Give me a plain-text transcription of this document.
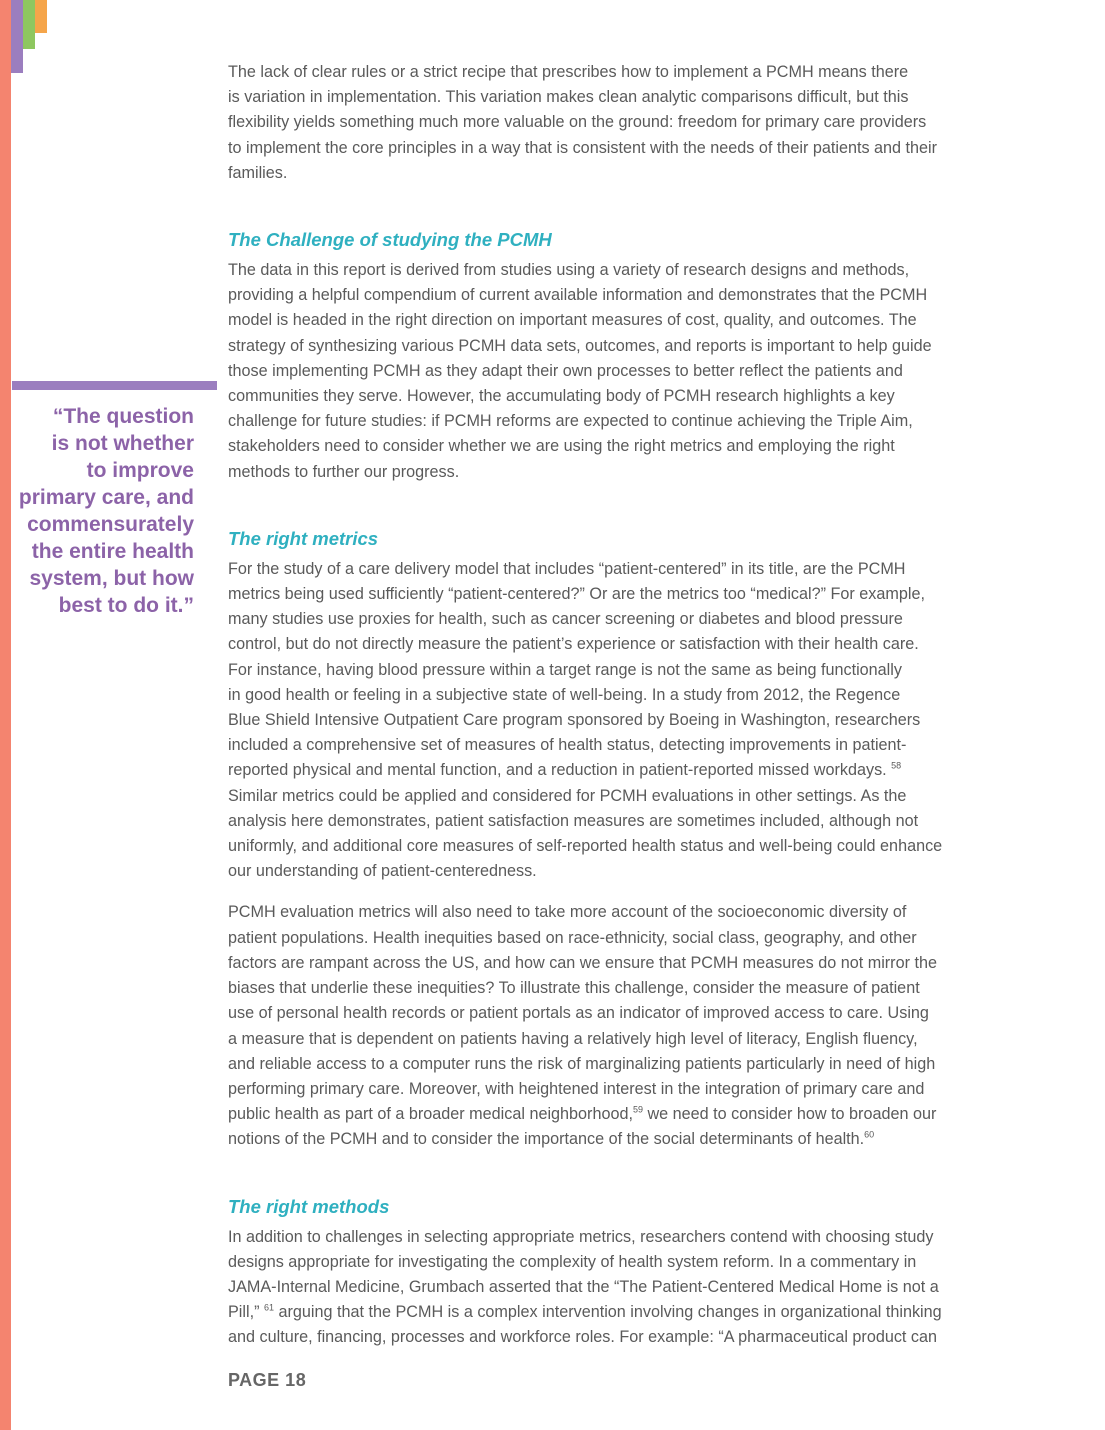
“The question
is not whether
to improve
primary care, and
commensurately
the entire health
system, but how
best to do it.”

The lack of clear rules or a strict recipe that prescribes how to implement a PCMH means there
is variation in implementation. This variation makes clean analytic comparisons difficult, but this
flexibility yields something much more valuable on the ground: freedom for primary care providers
to implement the core principles in a way that is consistent with the needs of their patients and their
families.

The Challenge of studying the PCMH

The data in this report is derived from studies using a variety of research designs and methods,
providing a helpful compendium of current available information and demonstrates that the PCMH
model is headed in the right direction on important measures of cost, quality, and outcomes. The
strategy of synthesizing various PCMH data sets, outcomes, and reports is important to help guide
those implementing PCMH as they adapt their own processes to better reflect the patients and
communities they serve. However, the accumulating body of PCMH research highlights a key
challenge for future studies: if PCMH reforms are expected to continue achieving the Triple Aim,
stakeholders need to consider whether we are using the right metrics and employing the right
methods to further our progress.

The right metrics

For the study of a care delivery model that includes “patient-centered” in its title, are the PCMH
metrics being used sufficiently “patient-centered?” Or are the metrics too “medical?” For example,
many studies use proxies for health, such as cancer screening or diabetes and blood pressure
control, but do not directly measure the patient’s experience or satisfaction with their health care.
For instance, having blood pressure within a target range is not the same as being functionally
in good health or feeling in a subjective state of well-being. In a study from 2012, the Regence
Blue Shield Intensive Outpatient Care program sponsored by Boeing in Washington, researchers
included a comprehensive set of measures of health status, detecting improvements in patient-
reported physical and mental function, and a reduction in patient-reported missed workdays. $^{58}$
Similar metrics could be applied and considered for PCMH evaluations in other settings. As the
analysis here demonstrates, patient satisfaction measures are sometimes included, although not
uniformly, and additional core measures of self-reported health status and well-being could enhance
our understanding of patient-centeredness.

PCMH evaluation metrics will also need to take more account of the socioeconomic diversity of
patient populations. Health inequities based on race-ethnicity, social class, geography, and other
factors are rampant across the US, and how can we ensure that PCMH measures do not mirror the
biases that underlie these inequities? To illustrate this challenge, consider the measure of patient
use of personal health records or patient portals as an indicator of improved access to care. Using
a measure that is dependent on patients having a relatively high level of literacy, English fluency,
and reliable access to a computer runs the risk of marginalizing patients particularly in need of high
performing primary care. Moreover, with heightened interest in the integration of primary care and
public health as part of a broader medical neighborhood,$^{59}$ we need to consider how to broaden our
notions of the PCMH and to consider the importance of the social determinants of health.$^{60}$

The right methods

In addition to challenges in selecting appropriate metrics, researchers contend with choosing study
designs appropriate for investigating the complexity of health system reform. In a commentary in
JAMA-Internal Medicine, Grumbach asserted that the “The Patient-Centered Medical Home is not a
Pill,” $^{61}$ arguing that the PCMH is a complex intervention involving changes in organizational thinking
and culture, financing, processes and workforce roles. For example: “A pharmaceutical product can

PAGE 18
